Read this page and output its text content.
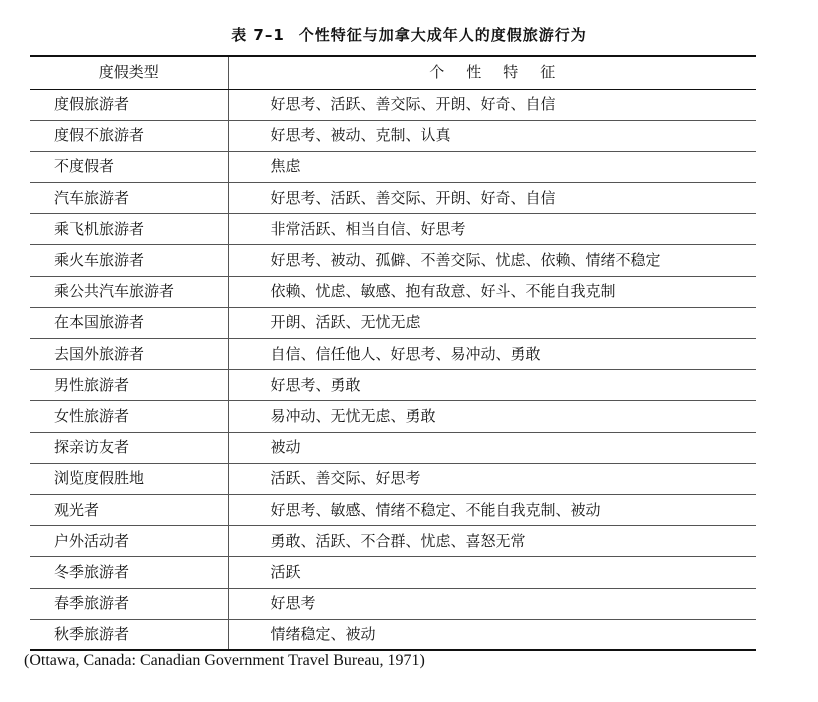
表 7–1 个性特征与加拿大成年人的度假旅游行为
度假类型	个性特征
度假旅游者	好思考、活跃、善交际、开朗、好奇、自信
度假不旅游者	好思考、被动、克制、认真
不度假者	焦虑
汽车旅游者	好思考、活跃、善交际、开朗、好奇、自信
乘飞机旅游者	非常活跃、相当自信、好思考
乘火车旅游者	好思考、被动、孤僻、不善交际、忧虑、依赖、情绪不稳定
乘公共汽车旅游者	依赖、忧虑、敏感、抱有敌意、好斗、不能自我克制
在本国旅游者	开朗、活跃、无忧无虑
去国外旅游者	自信、信任他人、好思考、易冲动、勇敢
男性旅游者	好思考、勇敢
女性旅游者	易冲动、无忧无虑、勇敢
探亲访友者	被动
浏览度假胜地	活跃、善交际、好思考
观光者	好思考、敏感、情绪不稳定、不能自我克制、被动
户外活动者	勇敢、活跃、不合群、忧虑、喜怒无常
冬季旅游者	活跃
春季旅游者	好思考
秋季旅游者	情绪稳定、被动

(Ottawa, Canada: Canadian Government Travel Bureau, 1971)
